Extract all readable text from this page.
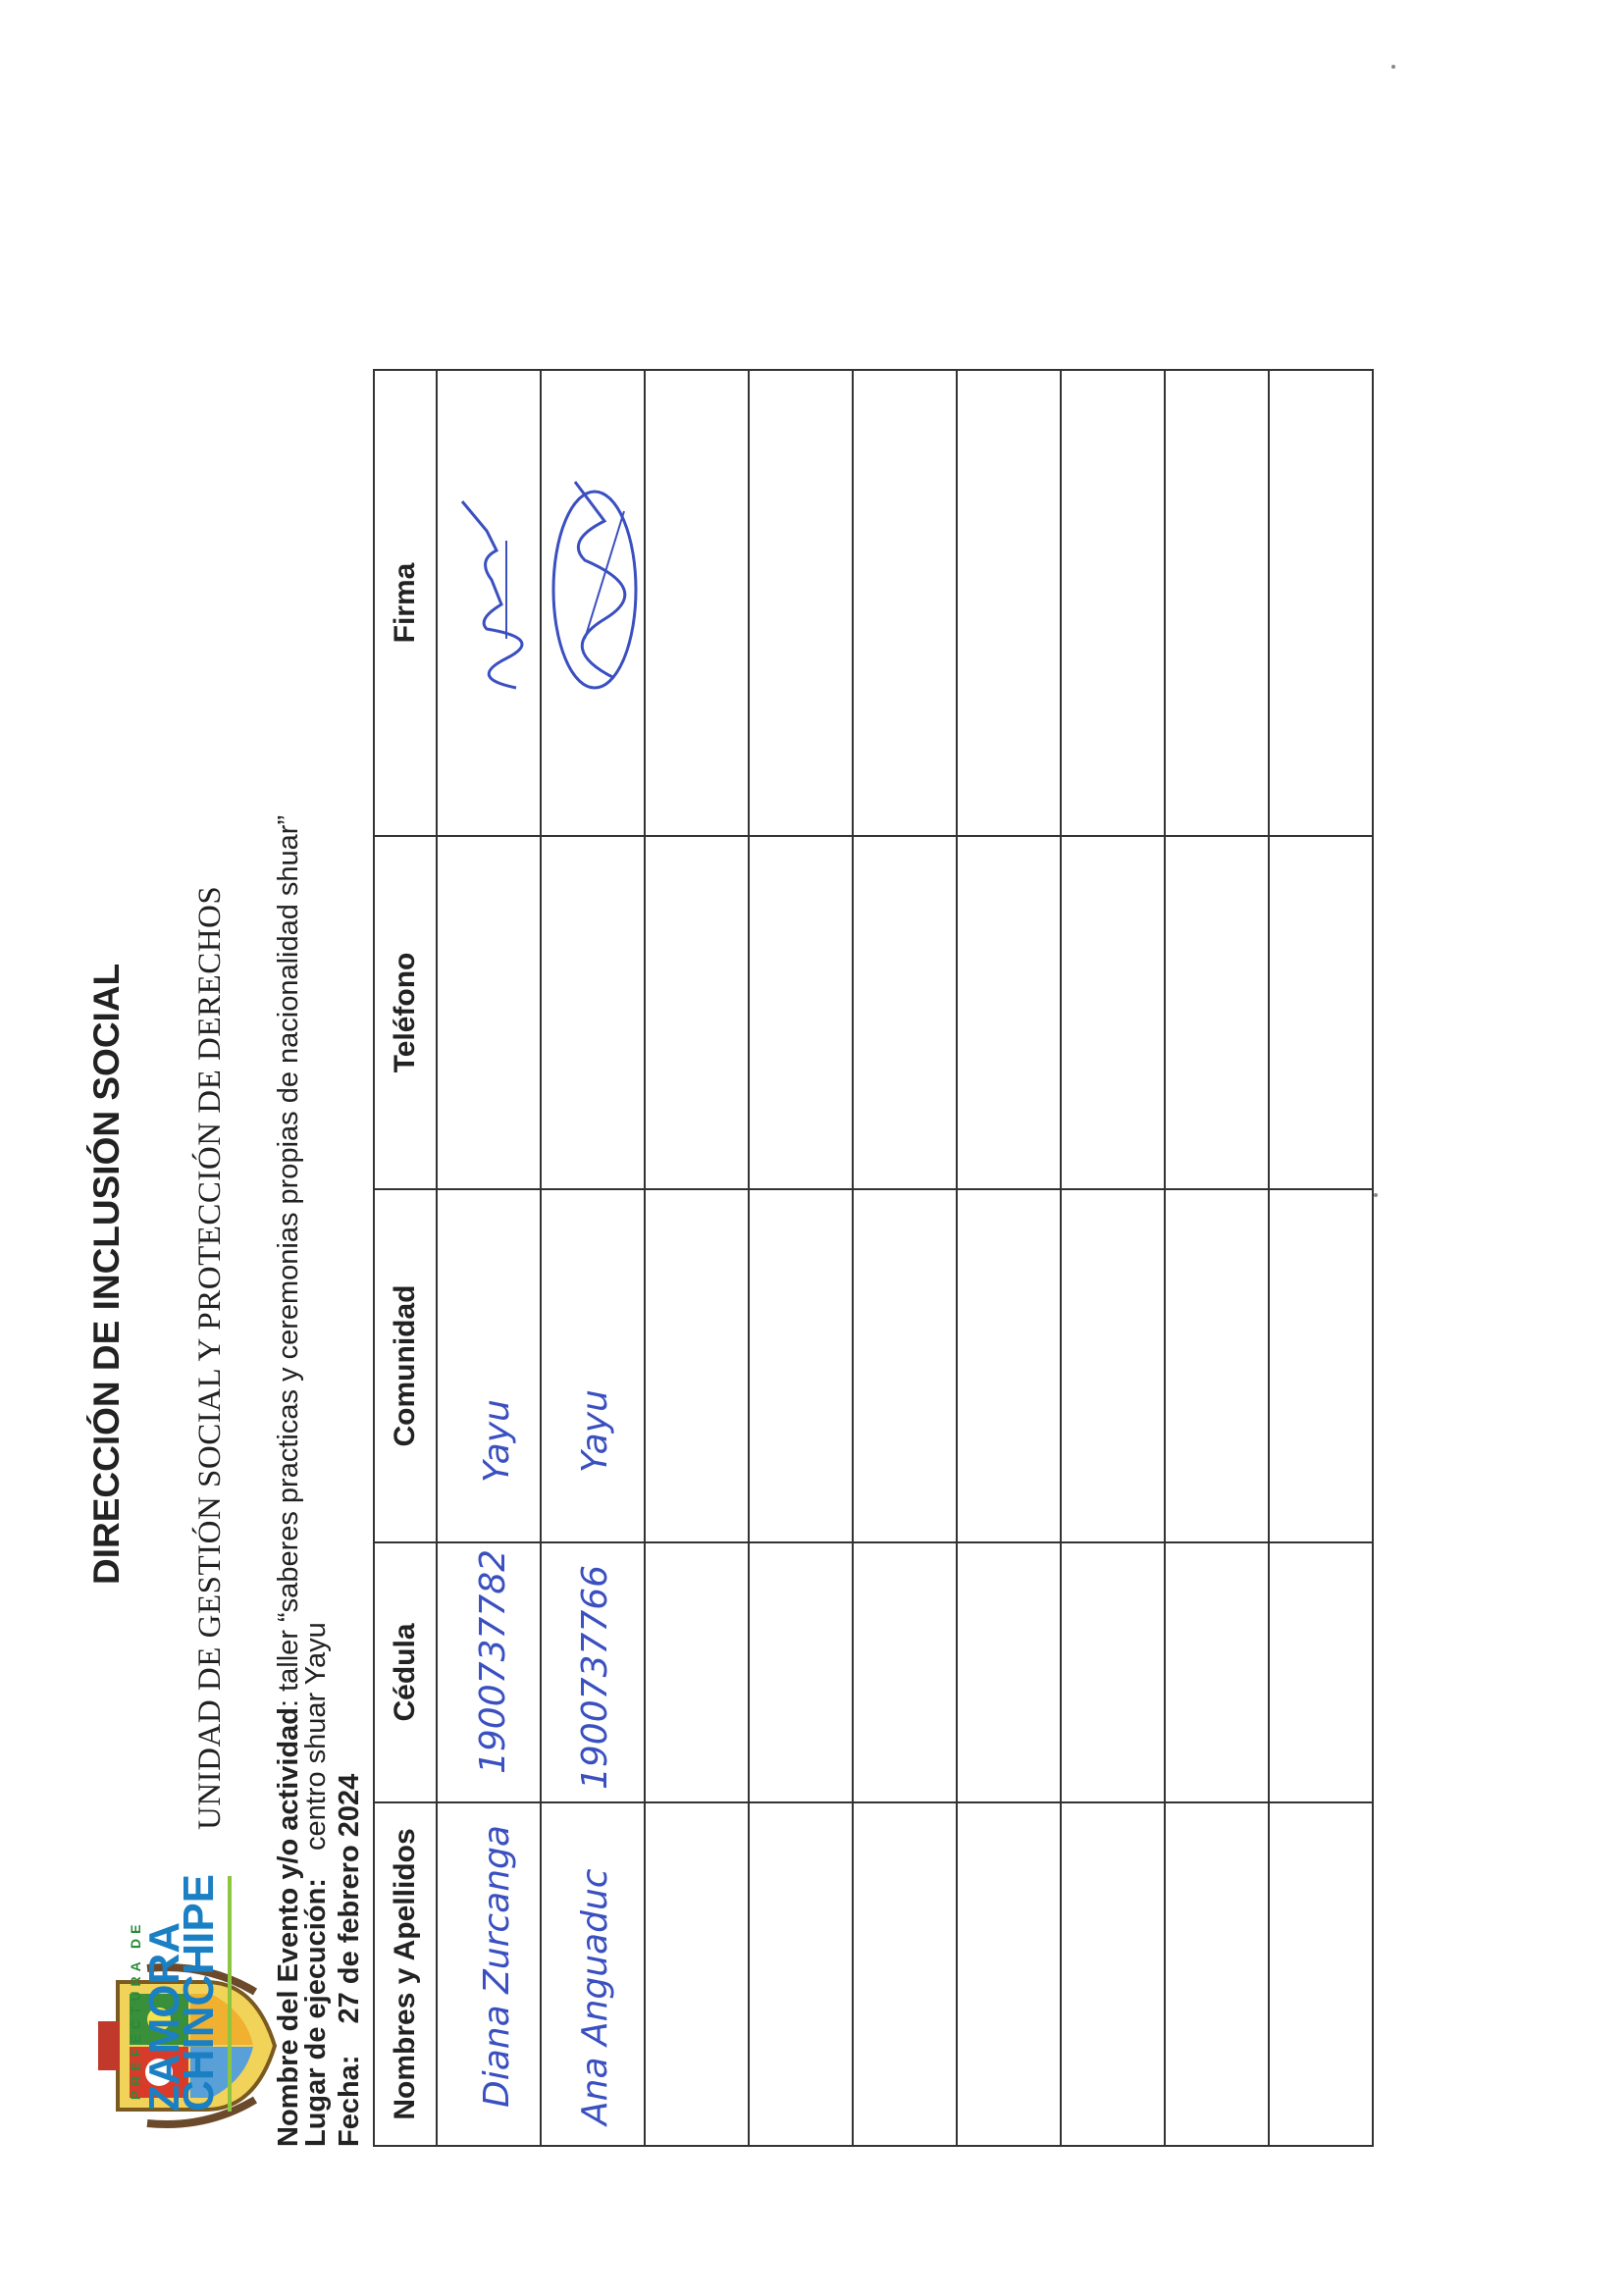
PREFECTURA DE
ZAMORA
CHINCHIPE
DIRECCIÓN DE INCLUSIÓN SOCIAL UNIDAD DE GESTIÓN SOCIAL Y PROTECCIÓN DE DERECHOS
Nombre del Evento y/o actividad: taller “saberes practicas y ceremonias propias de nacionalidad shuar”
Lugar de ejecución: centro shuar Yayu
Fecha: 27 de febrero 2024 Nombres y Apellidos	Cédula	Comunidad	Teléfono	Firma

Diana Zurcanga	1900737782	Yayu

Ana Anguaduc	1900737766	Yayu
